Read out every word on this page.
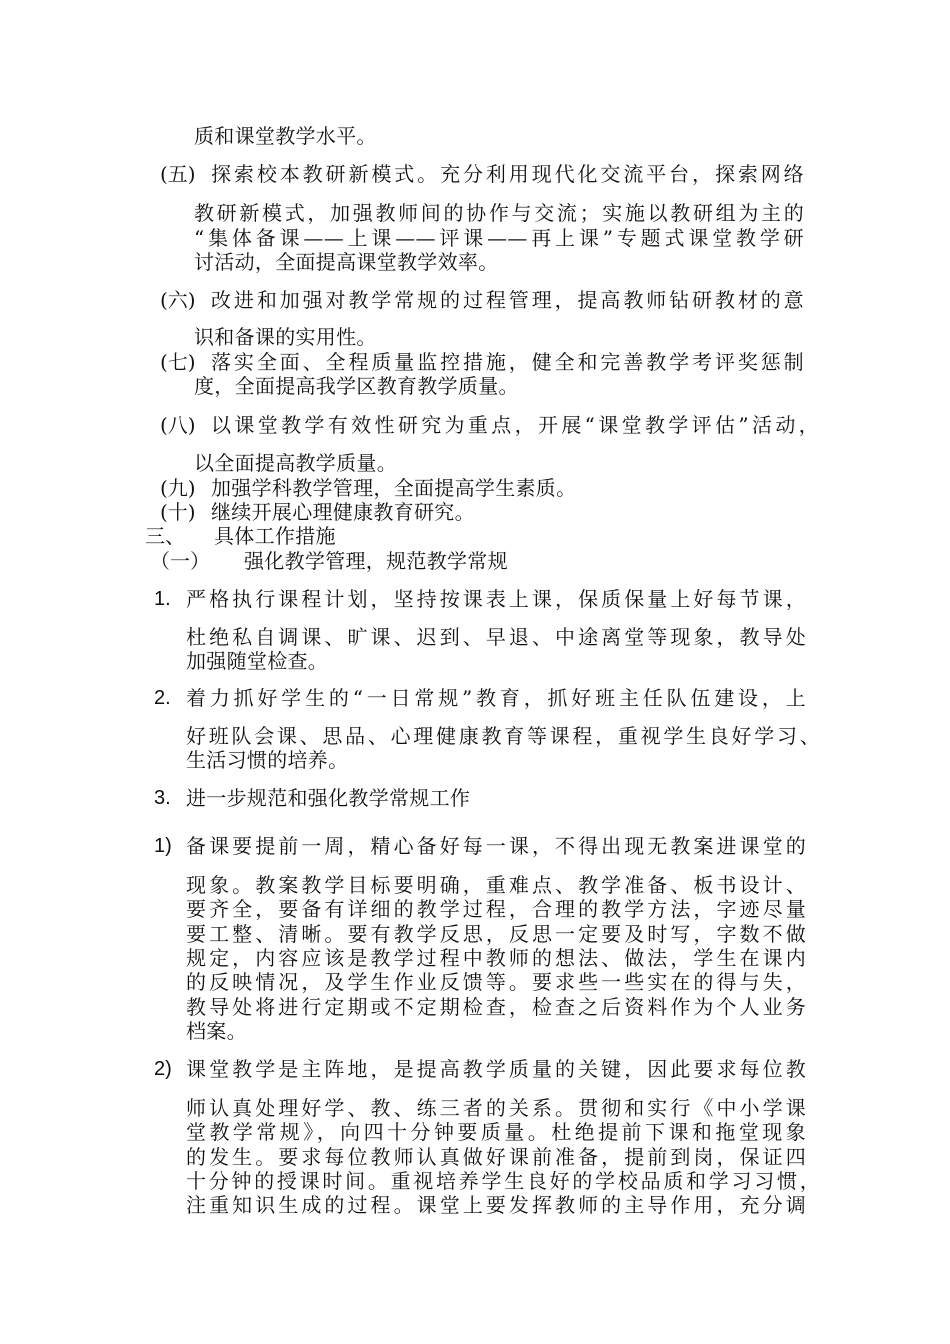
质和课堂教学水平。
(五) 探索校本教研新模式。充分利用现代化交流平台，探索网络
教研新模式，加强教师间的协作与交流；实施以教研组为主的
“集体备课——上课——评课——再上课”专题式课堂教学研
讨活动，全面提高课堂教学效率。
(六) 改进和加强对教学常规的过程管理，提高教师钻研教材的意
识和备课的实用性。
(七) 落实全面、全程质量监控措施，健全和完善教学考评奖惩制
度，全面提高我学区教育教学质量。
(八) 以课堂教学有效性研究为重点，开展“课堂教学评估”活动，
以全面提高教学质量。
(九) 加强学科教学管理，全面提高学生素质。
(十) 继续开展心理健康教育研究。
三、 具体工作措施
（一） 强化教学管理，规范教学常规
1. 严格执行课程计划，坚持按课表上课，保质保量上好每节课，
杜绝私自调课、旷课、迟到、早退、中途离堂等现象，教导处
加强随堂检查。
2. 着力抓好学生的“一日常规”教育，抓好班主任队伍建设，上
好班队会课、思品、心理健康教育等课程，重视学生良好学习、
生活习惯的培养。
3. 进一步规范和强化教学常规工作
1) 备课要提前一周，精心备好每一课，不得出现无教案进课堂的
现象。教案教学目标要明确，重难点、教学准备、板书设计、
要齐全，要备有详细的教学过程，合理的教学方法，字迹尽量
要工整、清晰。要有教学反思，反思一定要及时写，字数不做
规定，内容应该是教学过程中教师的想法、做法，学生在课内
的反映情况，及学生作业反馈等。要求些一些实在的得与失，
教导处将进行定期或不定期检查，检查之后资料作为个人业务
档案。
2) 课堂教学是主阵地，是提高教学质量的关键，因此要求每位教
师认真处理好学、教、练三者的关系。贯彻和实行《中小学课
堂教学常规》，向四十分钟要质量。杜绝提前下课和拖堂现象
的发生。要求每位教师认真做好课前准备，提前到岗，保证四
十分钟的授课时间。重视培养学生良好的学校品质和学习习惯，
注重知识生成的过程。课堂上要发挥教师的主导作用，充分调
